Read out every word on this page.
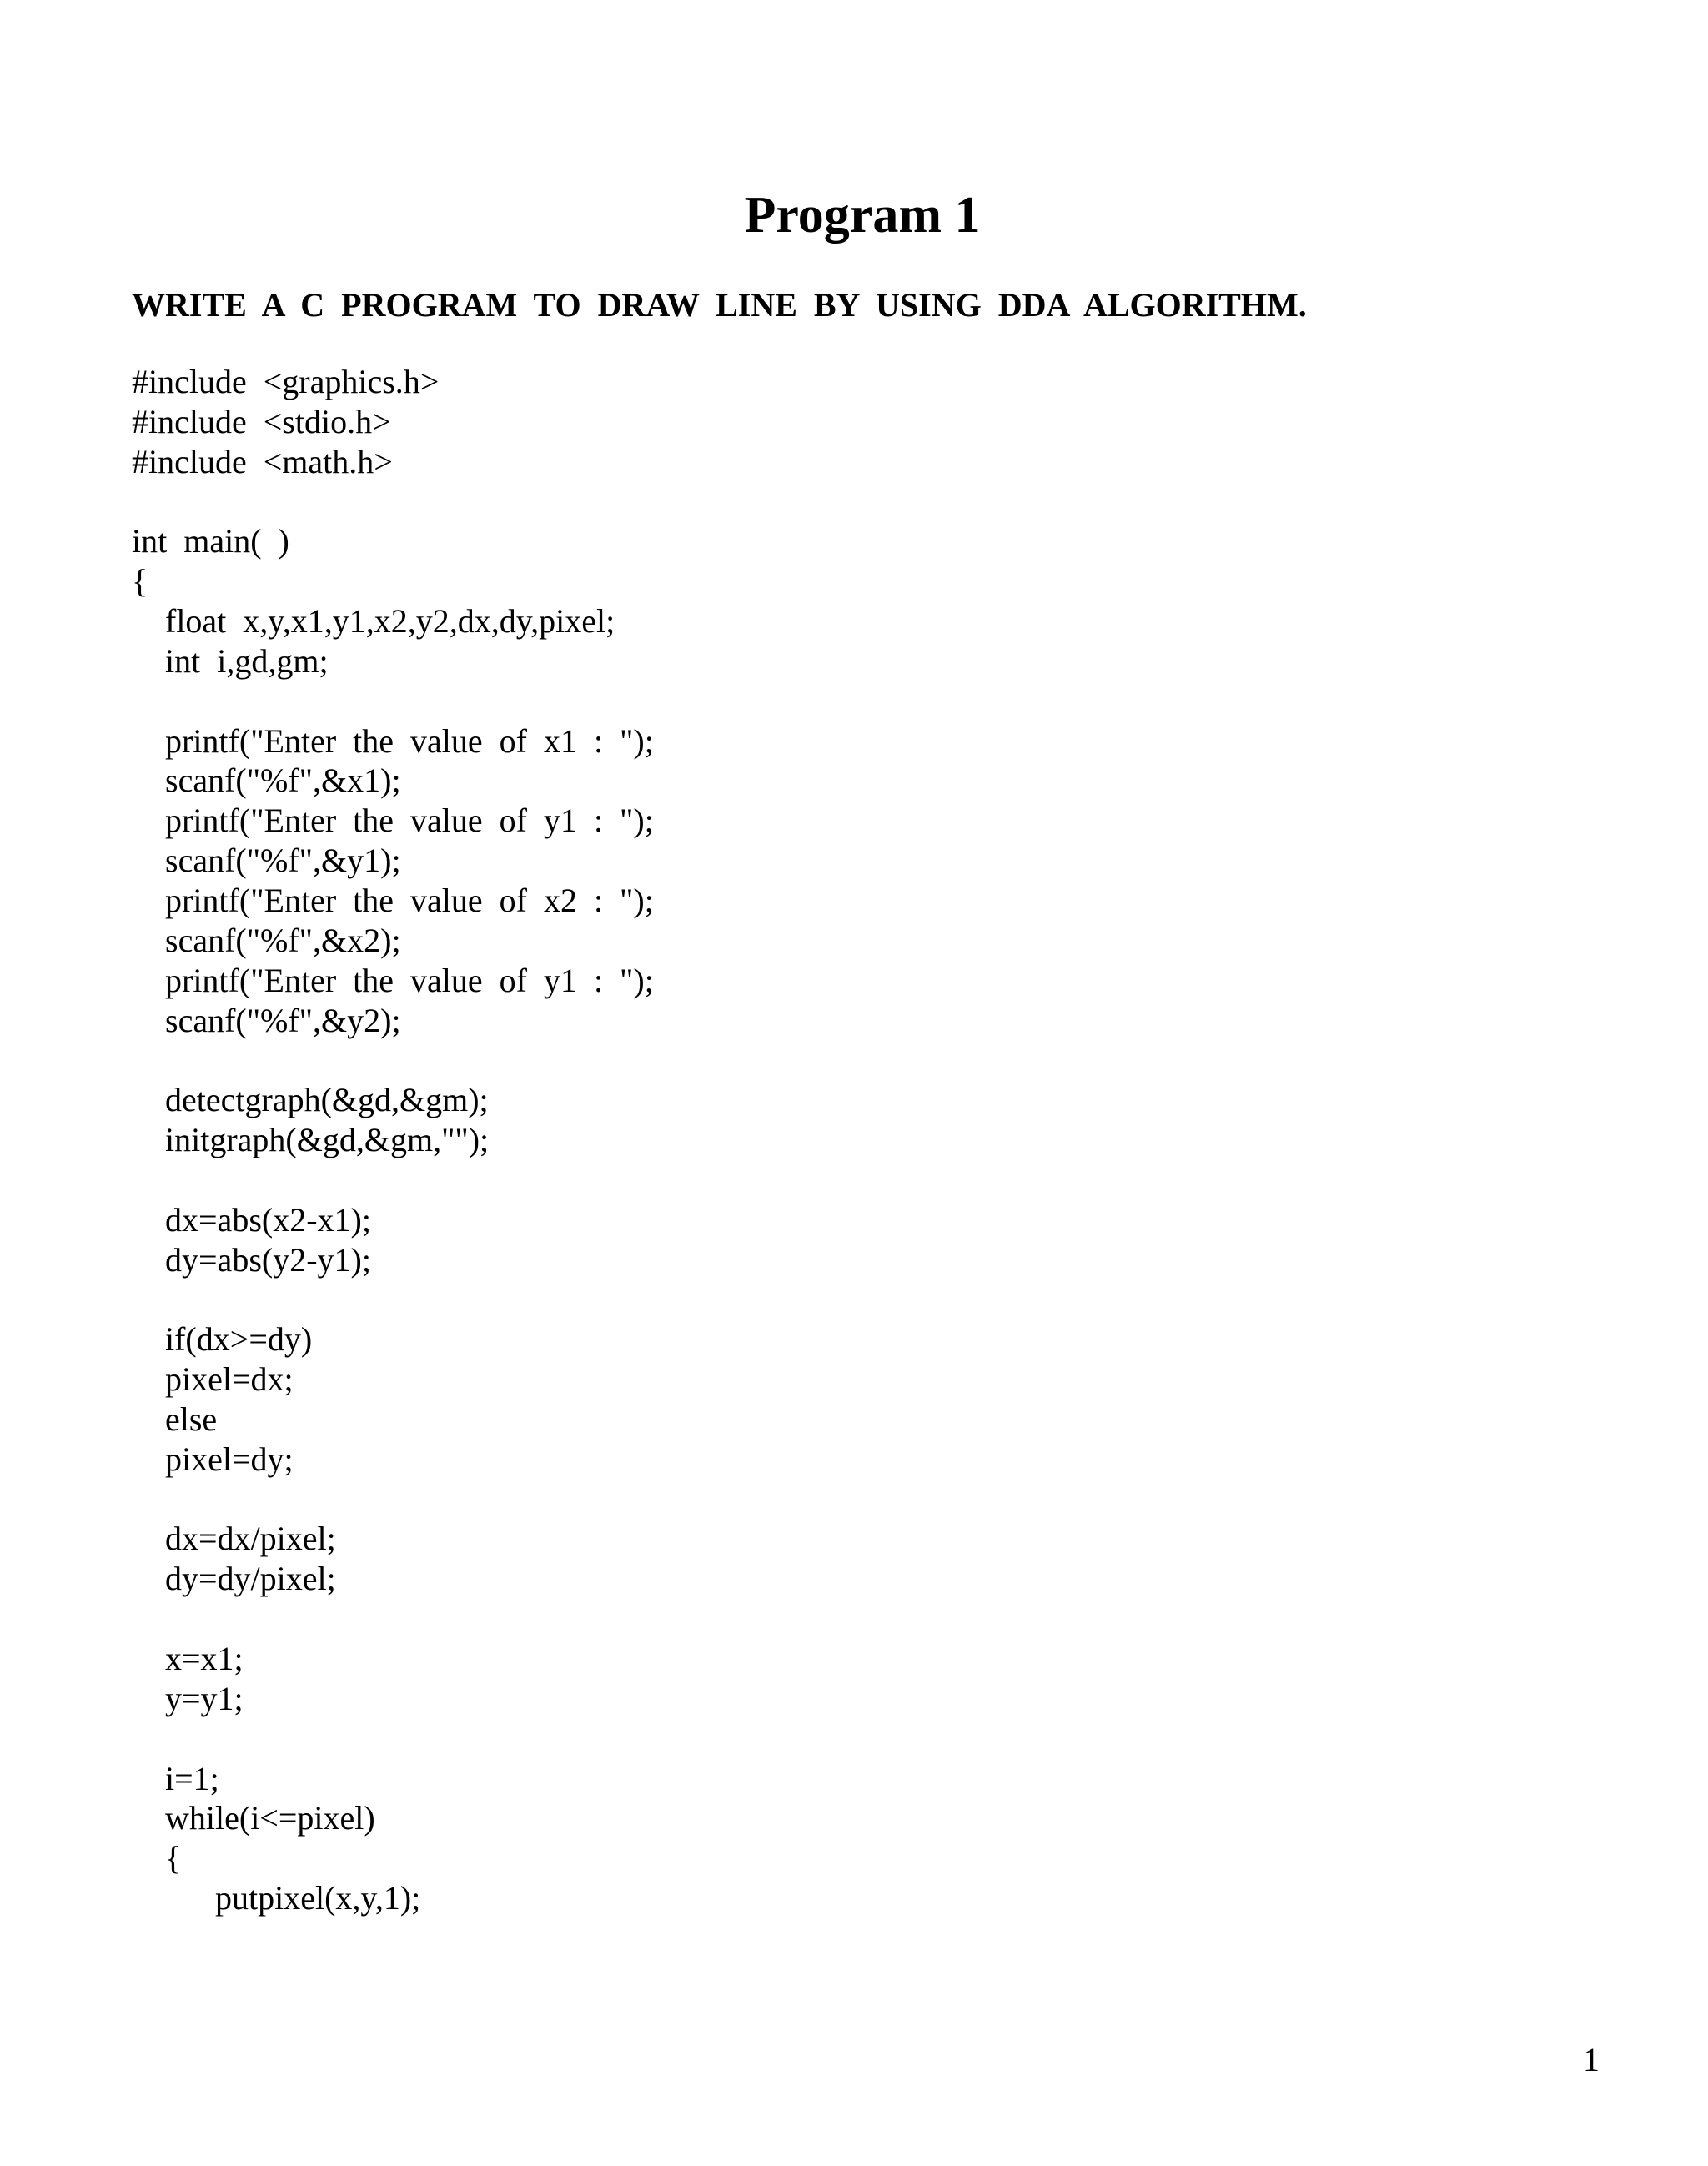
Program 1
WRITE  A  C  PROGRAM  TO  DRAW  LINE  BY  USING  DDA  ALGORITHM.
#include  <graphics.h>
#include  <stdio.h>
#include  <math.h>
int  main(  )
{
float  x,y,x1,y1,x2,y2,dx,dy,pixel;
int  i,gd,gm;
printf("Enter  the  value  of  x1  :  ");
scanf("%f",&x1);
printf("Enter  the  value  of  y1  :  ");
scanf("%f",&y1);
printf("Enter  the  value  of  x2  :  ");
scanf("%f",&x2);
printf("Enter  the  value  of  y1  :  ");
scanf("%f",&y2);
detectgraph(&gd,&gm);
initgraph(&gd,&gm,"");
dx=abs(x2-x1);
dy=abs(y2-y1);
if(dx>=dy)
pixel=dx;
else
pixel=dy;
dx=dx/pixel;
dy=dy/pixel;
x=x1;
y=y1;
i=1;
while(i<=pixel)
{
putpixel(x,y,1);
1
